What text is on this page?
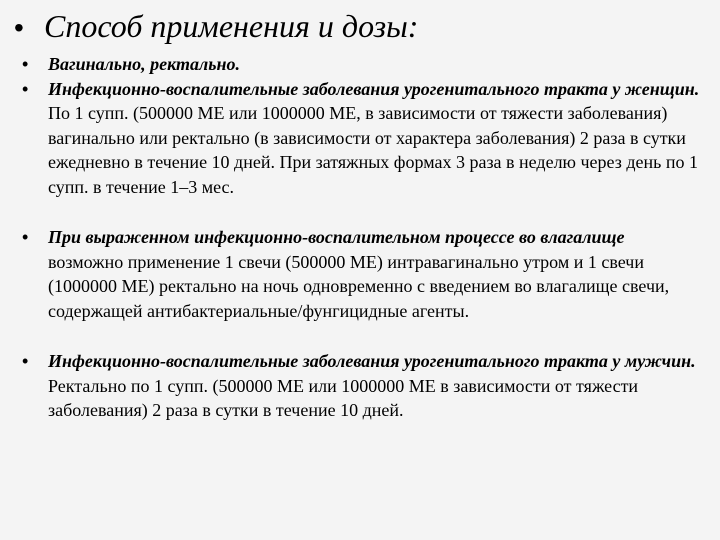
• Способ применения и дозы:
•	Вагинально, ректально.
•	Инфекционно-воспалительные заболевания урогенитального тракта у женщин. По 1 супп. (500000 МЕ или 1000000 МЕ, в зависимости от тяжести заболевания) вагинально или ректально (в зависимости от характера заболевания) 2 раза в сутки ежедневно в течение 10 дней. При затяжных формах 3 раза в неделю через день по 1 супп. в течение 1–3 мес.
•	При выраженном инфекционно-воспалительном процессе во влагалище возможно применение 1 свечи (500000 МЕ) интравагинально утром и 1 свечи (1000000 МЕ) ректально на ночь одновременно с введением во влагалище свечи, содержащей антибактериальные/фунгицидные агенты.
•	Инфекционно-воспалительные заболевания урогенитального тракта у мужчин. Ректально по 1 супп. (500000 МЕ или 1000000 МЕ в зависимости от тяжести заболевания) 2 раза в сутки в течение 10 дней.
